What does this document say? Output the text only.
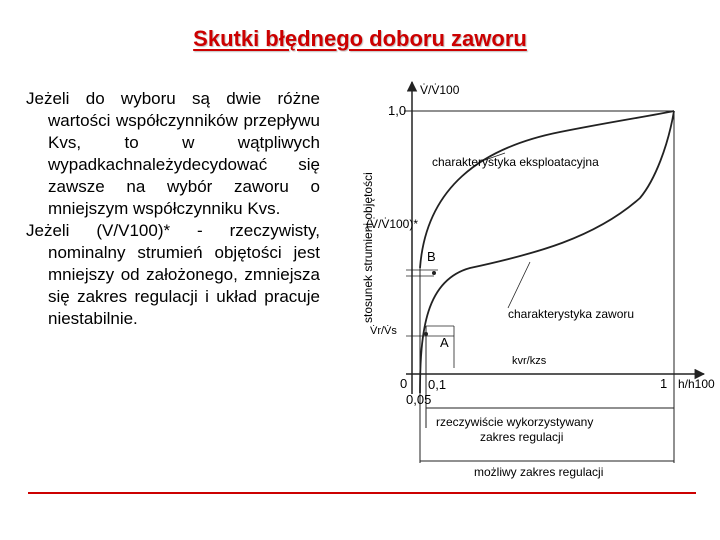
Skutki błędnego doboru zaworu

Jeżeli do wyboru są dwie różne wartości współczynników przepływu Kvs, to w wątpliwych wypadkachnależydecydować się zawsze na wybór zaworu o mniejszym współczynniku Kvs.

Jeżeli (V/V100)* - rzeczywisty, nominalny strumień objętości jest mniejszy od założonego, zmniejsza się zakres regulacji i układ pracuje niestabilnie.	stosunek strumieni objętości
V̇/V̇100
1,0
(V̇/V̇100)*
V̇r/V̇s
B
A
charakterystyka eksploatacyjna
charakterystyka zaworu
kvr/kzs
0 0,1
0,05
1 h/h100
rzeczywiście wykorzystywany
zakres regulacji
możliwy zakres regulacji
